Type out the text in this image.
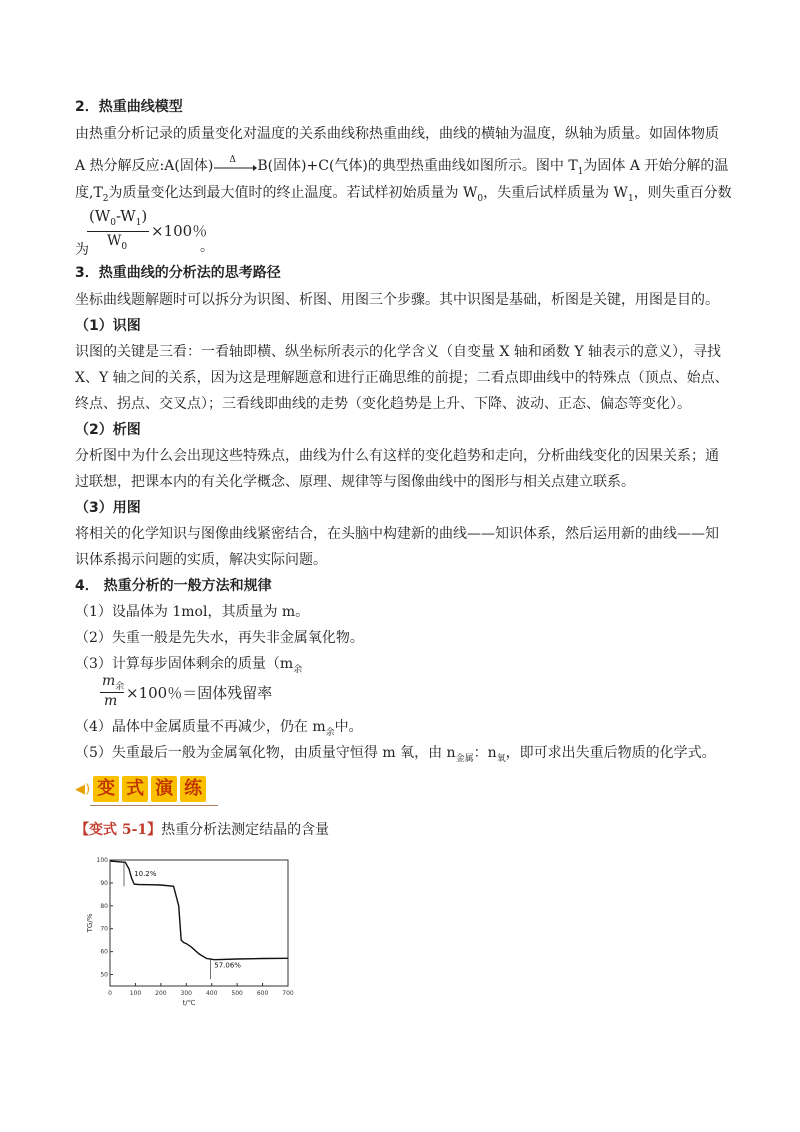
2．热重曲线模型
由热重分析记录的质量变化对温度的关系曲线称热重曲线，曲线的横轴为温度，纵轴为质量。如固体物质
A 热分解反应:A(固体) Δ B(固体)+C(气体)的典型热重曲线如图所示。图中 $T_1$为固体 A 开始分解的温
度$,T_2$为质量变化达到最大值时的终止温度。若试样初始质量为 $W_0$，失重后试样质量为 $W_1$，则失重百分数
$(W_0-W_1)$
$W_0$
×100％
为	。
3．热重曲线的分析法的思考路径
坐标曲线题解题时可以拆分为识图、析图、用图三个步骤。其中识图是基础，析图是关键，用图是目的。
（1）识图
识图的关键是三看：一看轴即横、纵坐标所表示的化学含义（自变量 X 轴和函数 Y 轴表示的意义），寻找
X、Y 轴之间的关系，因为这是理解题意和进行正确思维的前提；二看点即曲线中的特殊点（顶点、始点、
终点、拐点、交叉点）；三看线即曲线的走势（变化趋势是上升、下降、波动、正态、偏态等变化）。
（2）析图
分析图中为什么会出现这些特殊点，曲线为什么有这样的变化趋势和走向，分析曲线变化的因果关系；通
过联想，把课本内的有关化学概念、原理、规律等与图像曲线中的图形与相关点建立联系。
（3）用图
将相关的化学知识与图像曲线紧密结合，在头脑中构建新的曲线——知识体系，然后运用新的曲线——知
识体系揭示问题的实质，解决实际问题。
4． 热重分析的一般方法和规律
（1）设晶体为 1mol，其质量为 m。
（2）失重一般是先失水，再失非金属氧化物。
（3）计算每步固体剩余的质量（$m_余$
$m_余$
m ×100％＝固体残留率
（4）晶体中金属质量不再减少，仍在 $m_余$中。
（5）失重最后一般为金属氧化物，由质量守恒得 m 氧，由 $n_{金属}$：$n_氧$，即可求出失重后物质的化学式。
◀) 变 式 演 练
【变式 5-1】热重分析法测定结晶的含量
0	100 200 300 400 500 600 700
100
90
80
70
60
50
TG/%
t/℃
10.2%
57.06%
